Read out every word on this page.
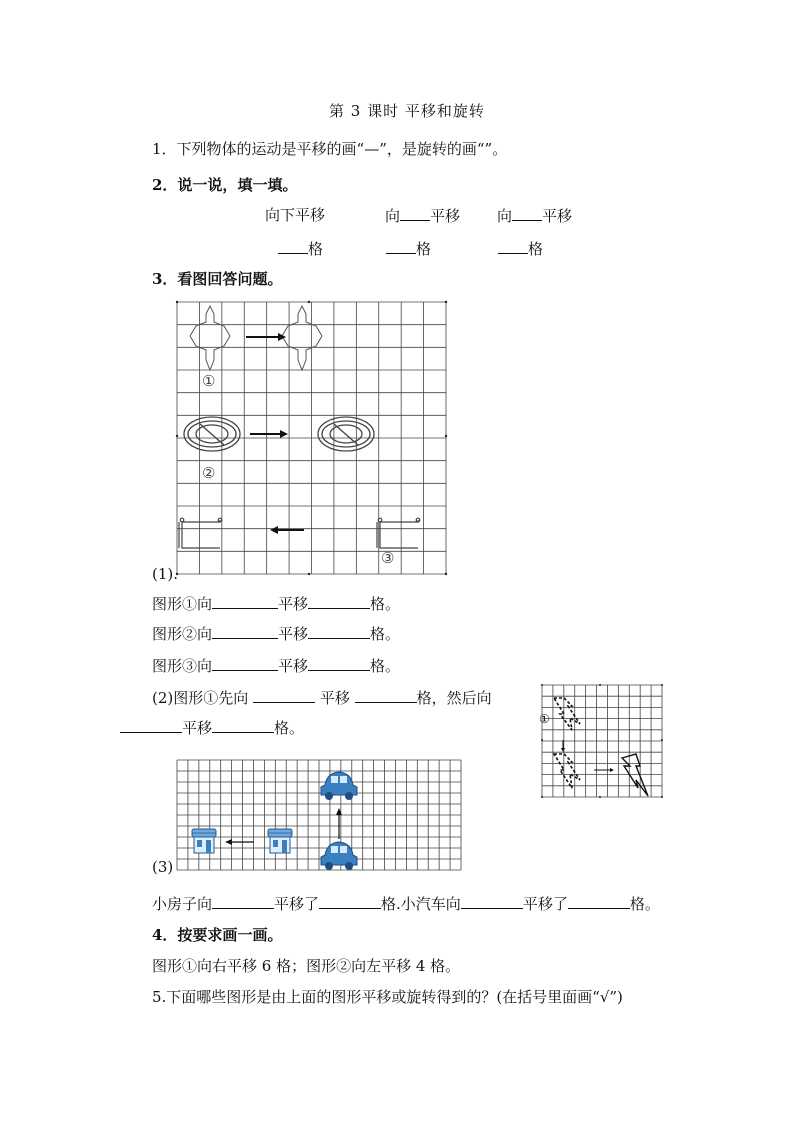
第 3 课时 平移和旋转
1．下列物体的运动是平移的画“—”，是旋转的画“”。
2．说一说，填一填。
向下平移	向 平移 向 平移
格	格	格
3．看图回答问题。
①
②
③
(1).
图形①向	平移	格。
图形②向	平移	格。
图形③向	平移	格。
(2)图形①先向	平移	格，然后向
平移	格。	①
(3)
小房子向	平移了	格.小汽车向	平移了	格。
4．按要求画一画。
图形①向右平移 6 格；图形②向左平移 4 格。
5.下面哪些图形是由上面的图形平移或旋转得到的？(在括号里面画“√”)
